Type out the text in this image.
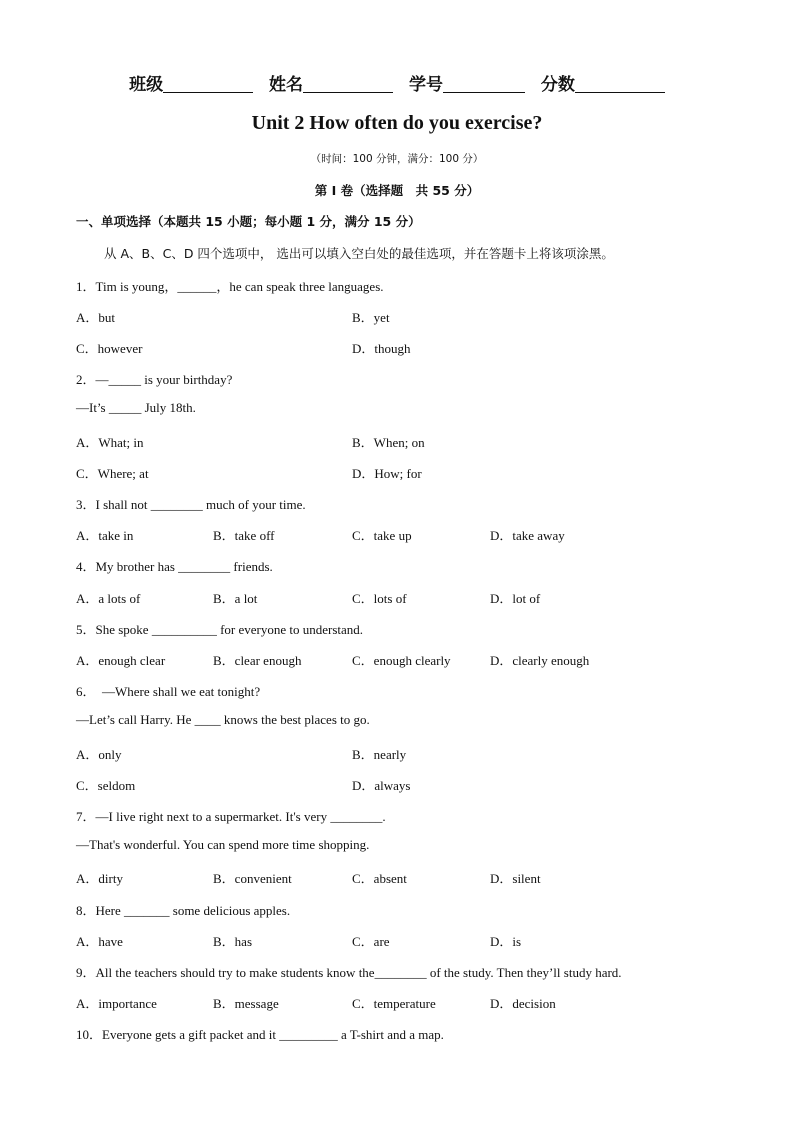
班级	姓名	学号	分数
Unit 2 How often do you exercise?
（时间：100 分钟，满分：100 分）
第 I 卷（选择题　共 55 分）
一、单项选择（本题共 15 小题；每小题 1 分，满分 15 分）
从 A、B、C、D 四个选项中， 选出可以填入空白处的最佳选项，并在答题卡上将该项涂黑。
1．Tim is young，______，he can speak three languages.
A．but	B．yet
C．however	D．though
2．—_____ is your birthday?
—It’s _____ July 18th.
A．What; in	B．When; on
C．Where; at	D．How; for
3．I shall not ________ much of your time.
A．take in	B．take off	C．take up	D．take away
4．My brother has ________ friends.
A．a lots of	B．a lot	C．lots of	D．lot of
5．She spoke __________ for everyone to understand.
A．enough clear	B．clear enough	C．enough clearly	D．clearly enough
6．　—Where shall we eat tonight?
—Let’s call Harry. He ____ knows the best places to go.
A．only	B．nearly
C．seldom	D．always
7．—I live right next to a supermarket. It's very ________.
—That's wonderful. You can spend more time shopping.
A．dirty	B．convenient	C．absent	D．silent
8．Here _______ some delicious apples.
A．have	B．has	C．are	D．is
9．All the teachers should try to make students know the________ of the study. Then they’ll study hard.
A．importance	B．message	C．temperature	D．decision
10．Everyone gets a gift packet and it _________ a T-shirt and a map.
